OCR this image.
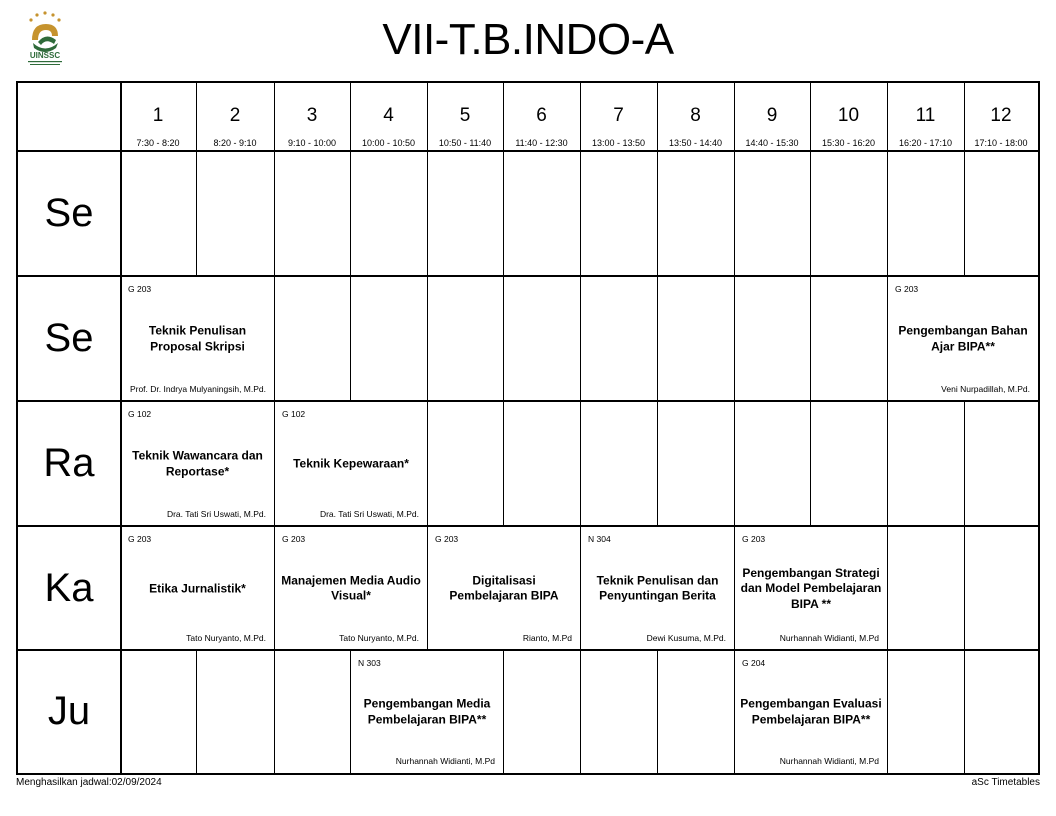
UINSSC	VII-T.B.INDO-A
1
7:30 - 8:20
2
8:20 - 9:10
3
9:10 - 10:00
4
10:00 - 10:50
5
10:50 - 11:40
6
11:40 - 12:30
7
13:00 - 13:50
8
13:50 - 14:40
9
14:40 - 15:30
10
15:30 - 16:20
11
16:20 - 17:10
12
17:10 - 18:00
Se
Se
Ra
Ka
Ju
G 203
Teknik Penulisan Proposal Skripsi
Prof. Dr. Indrya Mulyaningsih, M.Pd.
G 203
Pengembangan Bahan Ajar BIPA**
Veni Nurpadillah, M.Pd.
G 102
Teknik Wawancara dan Reportase*
Dra. Tati Sri Uswati, M.Pd.
G 102
Teknik Kepewaraan*
Dra. Tati Sri Uswati, M.Pd.
G 203
Etika Jurnalistik*
Tato Nuryanto, M.Pd.
G 203
Manajemen Media Audio Visual*
Tato Nuryanto, M.Pd.
G 203
Digitalisasi Pembelajaran BIPA
Rianto, M.Pd
N 304
Teknik Penulisan dan Penyuntingan Berita
Dewi Kusuma, M.Pd.
G 203
Pengembangan Strategi dan Model Pembelajaran BIPA **
Nurhannah Widianti, M.Pd
N 303
Pengembangan Media Pembelajaran BIPA**
Nurhannah Widianti, M.Pd
G 204
Pengembangan Evaluasi Pembelajaran BIPA**
Nurhannah Widianti, M.Pd
Menghasilkan jadwal:02/09/2024	aSc Timetables
